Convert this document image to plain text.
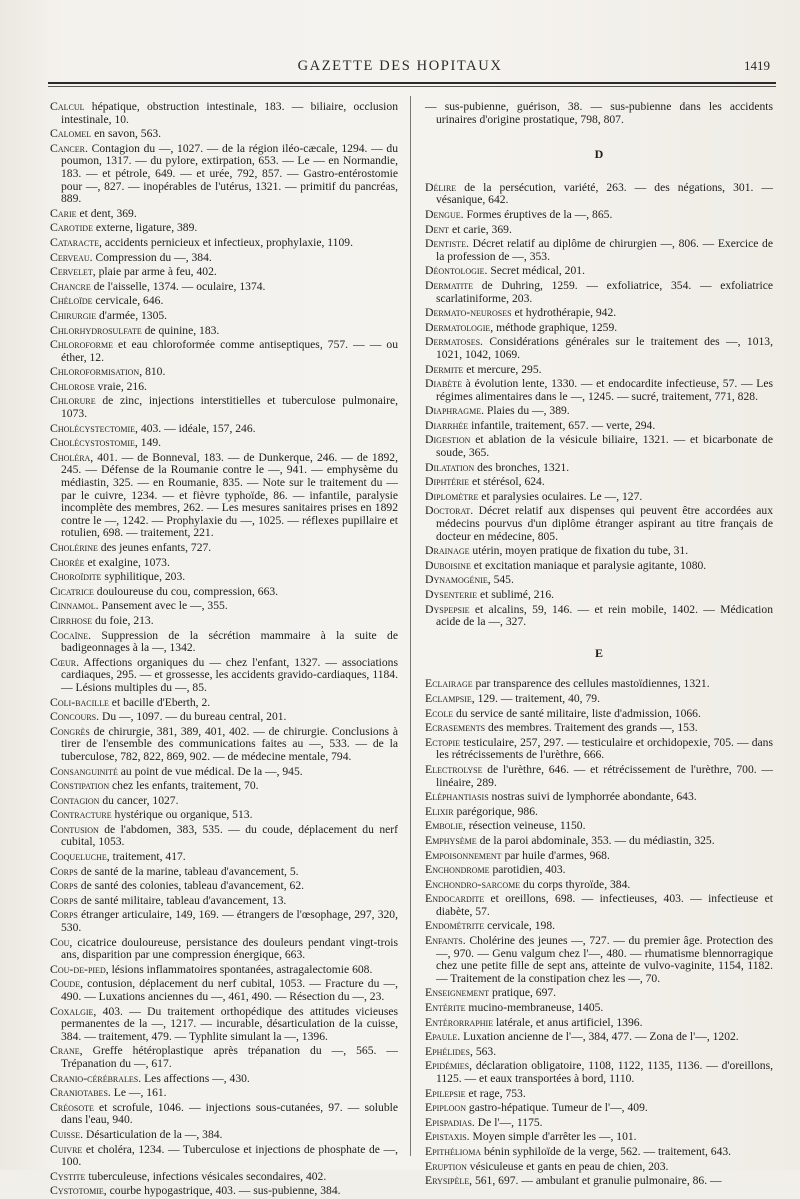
GAZETTE DES HOPITAUX	1419

Calcul hépatique, obstruction intestinale, 183. — biliaire, occlusion intestinale, 10.

Calomel en savon, 563.

Cancer. Contagion du —, 1027. — de la région iléo-cæcale, 1294. — du poumon, 1317. — du pylore, extirpation, 653. — Le — en Normandie, 183. — et pétrole, 649. — et urée, 792, 857. — Gastro-entérostomie pour —, 827. — inopérables de l'utérus, 1321. — primitif du pancréas, 889.

Carie et dent, 369.

Carotide externe, ligature, 389.

Cataracte, accidents pernicieux et infectieux, prophylaxie, 1109.

Cerveau. Compression du —, 384.

Cervelet, plaie par arme à feu, 402.

Chancre de l'aisselle, 1374. — oculaire, 1374.

Chéloïde cervicale, 646.

Chirurgie d'armée, 1305.

Chlorhydrosulfate de quinine, 183.

Chloroforme et eau chloroformée comme antiseptiques, 757. — — ou éther, 12.

Chloroformisation, 810.

Chlorose vraie, 216.

Chlorure de zinc, injections interstitielles et tuberculose pulmonaire, 1073.

Cholécystectomie, 403. — idéale, 157, 246.

Cholécystostomie, 149.

Choléra, 401. — de Bonneval, 183. — de Dunkerque, 246. — de 1892, 245. — Défense de la Roumanie contre le —, 941. — emphysème du médiastin, 325. — en Roumanie, 835. — Note sur le traitement du — par le cuivre, 1234. — et fièvre typhoïde, 86. — infantile, paralysie incomplète des membres, 262. — Les mesures sanitaires prises en 1892 contre le —, 1242. — Prophylaxie du —, 1025. — réflexes pupillaire et rotulien, 698. — traitement, 221.

Cholérine des jeunes enfants, 727.

Chorée et exalgine, 1073.

Choroïdite syphilitique, 203.

Cicatrice douloureuse du cou, compression, 663.

Cinnamol. Pansement avec le —, 355.

Cirrhose du foie, 213.

Cocaïne. Suppression de la sécrétion mammaire à la suite de badigeonnages à la —, 1342.

Cœur. Affections organiques du — chez l'enfant, 1327. — associations cardiaques, 295. — et grossesse, les accidents gravido-cardiaques, 1184. — Lésions multiples du —, 85.

Coli-bacille et bacille d'Eberth, 2.

Concours. Du —, 1097. — du bureau central, 201.

Congrès de chirurgie, 381, 389, 401, 402. — de chirurgie. Conclusions à tirer de l'ensemble des communications faites au —, 533. — de la tuberculose, 782, 822, 869, 902. — de médecine mentale, 794.

Consanguinité au point de vue médical. De la —, 945.

Constipation chez les enfants, traitement, 70.

Contagion du cancer, 1027.

Contracture hystérique ou organique, 513.

Contusion de l'abdomen, 383, 535. — du coude, déplacement du nerf cubital, 1053.

Coqueluche, traitement, 417.

Corps de santé de la marine, tableau d'avancement, 5.

Corps de santé des colonies, tableau d'avancement, 62.

Corps de santé militaire, tableau d'avancement, 13.

Corps étranger articulaire, 149, 169. — étrangers de l'œsophage, 297, 320, 530.

Cou, cicatrice douloureuse, persistance des douleurs pendant vingt-trois ans, disparition par une compression énergique, 663.

Cou-de-pied, lésions inflammatoires spontanées, astragalectomie 608.

Coude, contusion, déplacement du nerf cubital, 1053. — Fracture du —, 490. — Luxations anciennes du —, 461, 490. — Résection du —, 23.

Coxalgie, 403. — Du traitement orthopédique des attitudes vicieuses permanentes de la —, 1217. — incurable, désarticulation de la cuisse, 384. — traitement, 479. — Typhlite simulant la —, 1396.

Crane, Greffe hétéroplastique après trépanation du —, 565. — Trépanation du —, 617.

Cranio-cérébrales. Les affections —, 430.

Craniotabes. Le —, 161.

Créosote et scrofule, 1046. — injections sous-cutanées, 97. — soluble dans l'eau, 940.

Cuisse. Désarticulation de la —, 384.

Cuivre et choléra, 1234. — Tuberculose et injections de phosphate de —, 100.

Cystite tuberculeuse, infections vésicales secondaires, 402.

Cystotomie, courbe hypogastrique, 403. — sus-pubienne, 384.

— sus-pubienne, guérison, 38. — sus-pubienne dans les accidents urinaires d'origine prostatique, 798, 807.

D

Délire de la persécution, variété, 263. — des négations, 301. — vésanique, 642.

Dengue. Formes éruptives de la —, 865.

Dent et carie, 369.

Dentiste. Décret relatif au diplôme de chirurgien —, 806. — Exercice de la profession de —, 353.

Déontologie. Secret médical, 201.

Dermatite de Duhring, 1259. — exfoliatrice, 354. — exfoliatrice scarlatiniforme, 203.

Dermato-neuroses et hydrothérapie, 942.

Dermatologie, méthode graphique, 1259.

Dermatoses. Considérations générales sur le traitement des —, 1013, 1021, 1042, 1069.

Dermite et mercure, 295.

Diabète à évolution lente, 1330. — et endocardite infectieuse, 57. — Les régimes alimentaires dans le —, 1245. — sucré, traitement, 771, 828.

Diaphragme. Plaies du —, 389.

Diarrhée infantile, traitement, 657. — verte, 294.

Digestion et ablation de la vésicule biliaire, 1321. — et bicarbonate de soude, 365.

Dilatation des bronches, 1321.

Diphtérie et stérésol, 624.

Diplomètre et paralysies oculaires. Le —, 127.

Doctorat. Décret relatif aux dispenses qui peuvent être accordées aux médecins pourvus d'un diplôme étranger aspirant au titre français de docteur en médecine, 805.

Drainage utérin, moyen pratique de fixation du tube, 31.

Duboisine et excitation maniaque et paralysie agitante, 1080.

Dynamogénie, 545.

Dysenterie et sublimé, 216.

Dyspepsie et alcalins, 59, 146. — et rein mobile, 1402. — Médication acide de la —, 327.

E

Eclairage par transparence des cellules mastoïdiennes, 1321.

Eclampsie, 129. — traitement, 40, 79.

Ecole du service de santé militaire, liste d'admission, 1066.

Ecrasements des membres. Traitement des grands —, 153.

Ectopie testiculaire, 257, 297. — testiculaire et orchidopexie, 705. — dans les rétrécissements de l'urèthre, 666.

Electrolyse de l'urèthre, 646. — et rétrécissement de l'urèthre, 700. — linéaire, 289.

Eléphantiasis nostras suivi de lymphorrée abondante, 643.

Elixir parégorique, 986.

Embolie, résection veineuse, 1150.

Emphysème de la paroi abdominale, 353. — du médiastin, 325.

Empoisonnement par huile d'armes, 968.

Enchondrome parotidien, 403.

Enchondro-sarcome du corps thyroïde, 384.

Endocardite et oreillons, 698. — infectieuses, 403. — infectieuse et diabète, 57.

Endométrite cervicale, 198.

Enfants. Cholérine des jeunes —, 727. — du premier âge. Protection des —, 970. — Genu valgum chez l'—, 480. — rhumatisme blennorragique chez une petite fille de sept ans, atteinte de vulvo-vaginite, 1154, 1182. — Traitement de la constipation chez les —, 70.

Enseignement pratique, 697.

Entérite mucino-membraneuse, 1405.

Entérorraphie latérale, et anus artificiel, 1396.

Epaule. Luxation ancienne de l'—, 384, 477. — Zona de l'—, 1202.

Ephélides, 563.

Epidémies, déclaration obligatoire, 1108, 1122, 1135, 1136. — d'oreillons, 1125. — et eaux transportées à bord, 1110.

Epilepsie et rage, 753.

Epiploon gastro-hépatique. Tumeur de l'—, 409.

Epispadias. De l'—, 1175.

Epistaxis. Moyen simple d'arrêter les —, 101.

Epithélioma bénin syphiloïde de la verge, 562. — traitement, 643.

Eruption vésiculeuse et gants en peau de chien, 203.

Erysipèle, 561, 697. — ambulant et granulie pulmonaire, 86. —
